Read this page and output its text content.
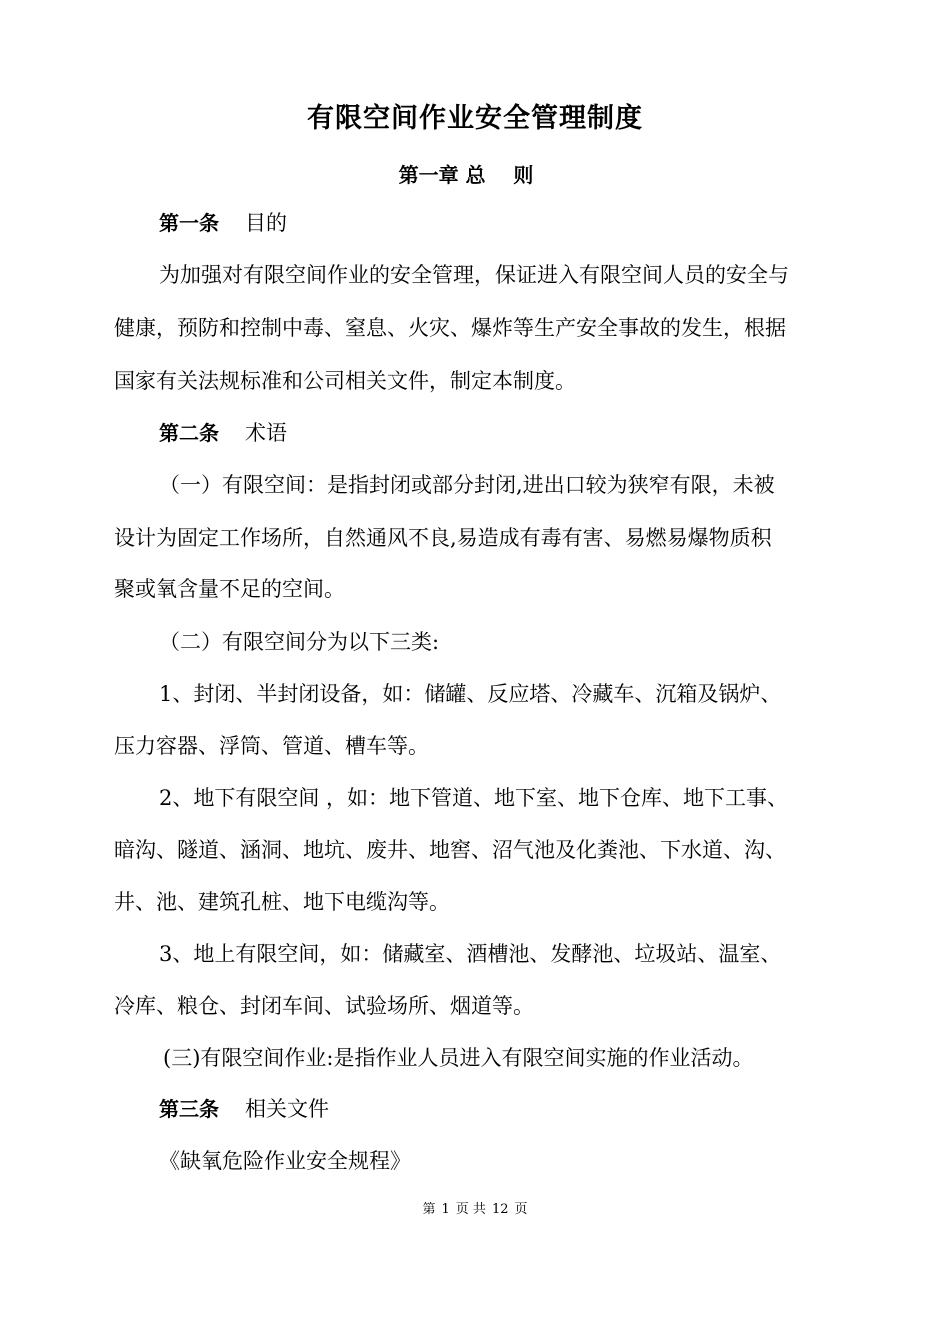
有限空间作业安全管理制度
第一章 总    则
第一条 目的
为加强对有限空间作业的安全管理，保证进入有限空间人员的安全与
健康，预防和控制中毒、窒息、火灾、爆炸等生产安全事故的发生，根据
国家有关法规标准和公司相关文件，制定本制度。
第二条 术语
（一）有限空间：是指封闭或部分封闭,进出口较为狭窄有限，未被
设计为固定工作场所，自然通风不良,易造成有毒有害、易燃易爆物质积
聚或氧含量不足的空间。
（二）有限空间分为以下三类:
1、封闭、半封闭设备，如：储罐、反应塔、冷藏车、沉箱及锅炉、
压力容器、浮筒、管道、槽车等。
2、地下有限空间 ，如：地下管道、地下室、地下仓库、地下工事、
暗沟、隧道、涵洞、地坑、废井、地窖、沼气池及化粪池、下水道、沟、
井、池、建筑孔桩、地下电缆沟等。
3、地上有限空间，如：储藏室、酒槽池、发酵池、垃圾站、温室、
冷库、粮仓、封闭车间、试验场所、烟道等。
(三)有限空间作业:是指作业人员进入有限空间实施的作业活动。
第三条 相关文件
《缺氧危险作业安全规程》
第 1 页 共 12 页
